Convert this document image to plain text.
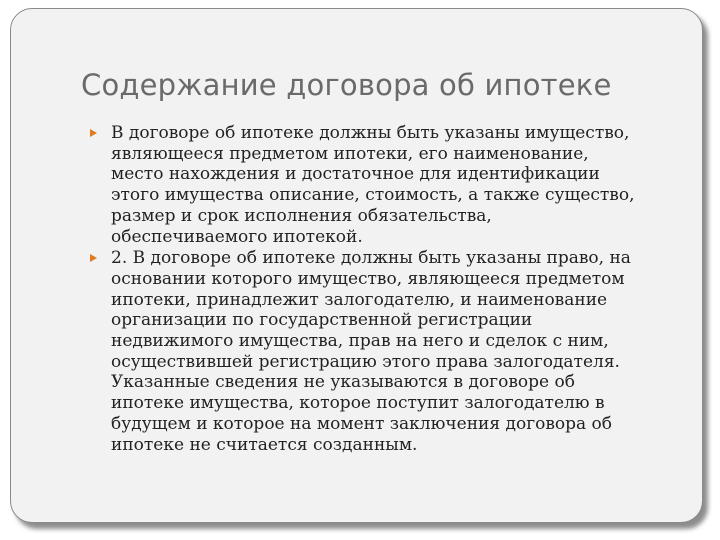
Содержание договора об ипотеке
В договоре об ипотеке должны быть указаны имущество,
являющееся предметом ипотеки, его наименование,
место нахождения и достаточное для идентификации
этого имущества описание, стоимость, а также существо,
размер и срок исполнения обязательства,
обеспечиваемого ипотекой.
2. В договоре об ипотеке должны быть указаны право, на
основании которого имущество, являющееся предметом
ипотеки, принадлежит залогодателю, и наименование
организации по государственной регистрации
недвижимого имущества, прав на него и сделок с ним,
осуществившей регистрацию этого права залогодателя.
Указанные сведения не указываются в договоре об
ипотеке имущества, которое поступит залогодателю в
будущем и которое на момент заключения договора об
ипотеке не считается созданным.
